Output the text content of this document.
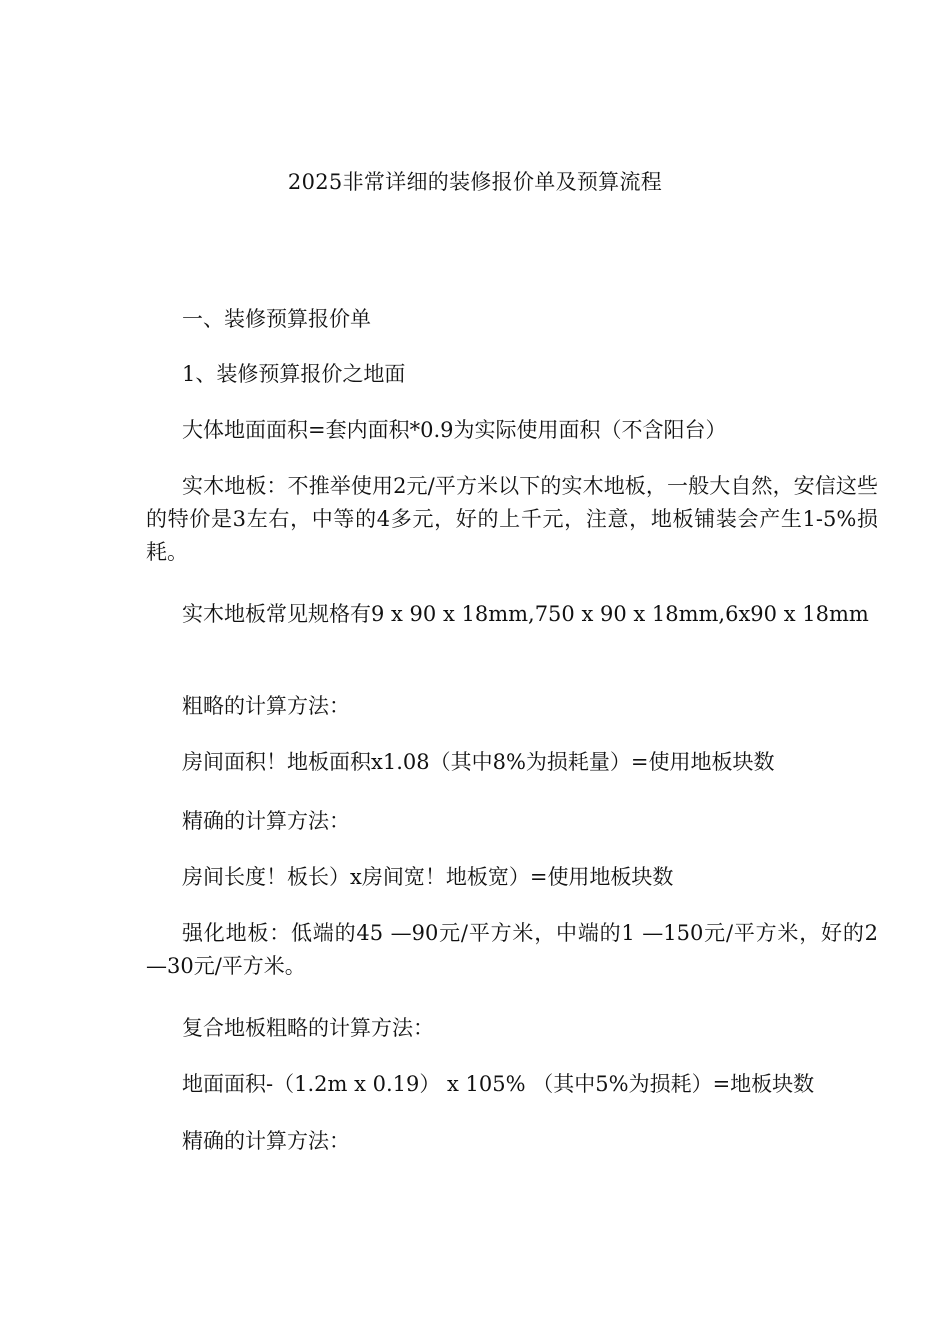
2025非常详细的装修报价单及预算流程

一、装修预算报价单

1、装修预算报价之地面

大体地面面积=套内面积*0.9为实际使用面积（不含阳台）

实木地板：不推举使用2元/平方米以下的实木地板，一般大自然，安信这些的特价是3左右，中等的4多元，好的上千元，注意，地板铺装会产生1-5%损耗。

实木地板常见规格有9 x 90 x 18mm,750 x 90 x 18mm,6x90 x 18mm

粗略的计算方法：

房间面积！地板面积x1.08（其中8%为损耗量）=使用地板块数

精确的计算方法：

房间长度！板长）x房间宽！地板宽）=使用地板块数

强化地板：低端的45 —90元/平方米，中端的1 —150元/平方米，好的2 —30元/平方米。

复合地板粗略的计算方法：

地面面积-（1.2m x 0.19） x 105% （其中5%为损耗）=地板块数

精确的计算方法：
